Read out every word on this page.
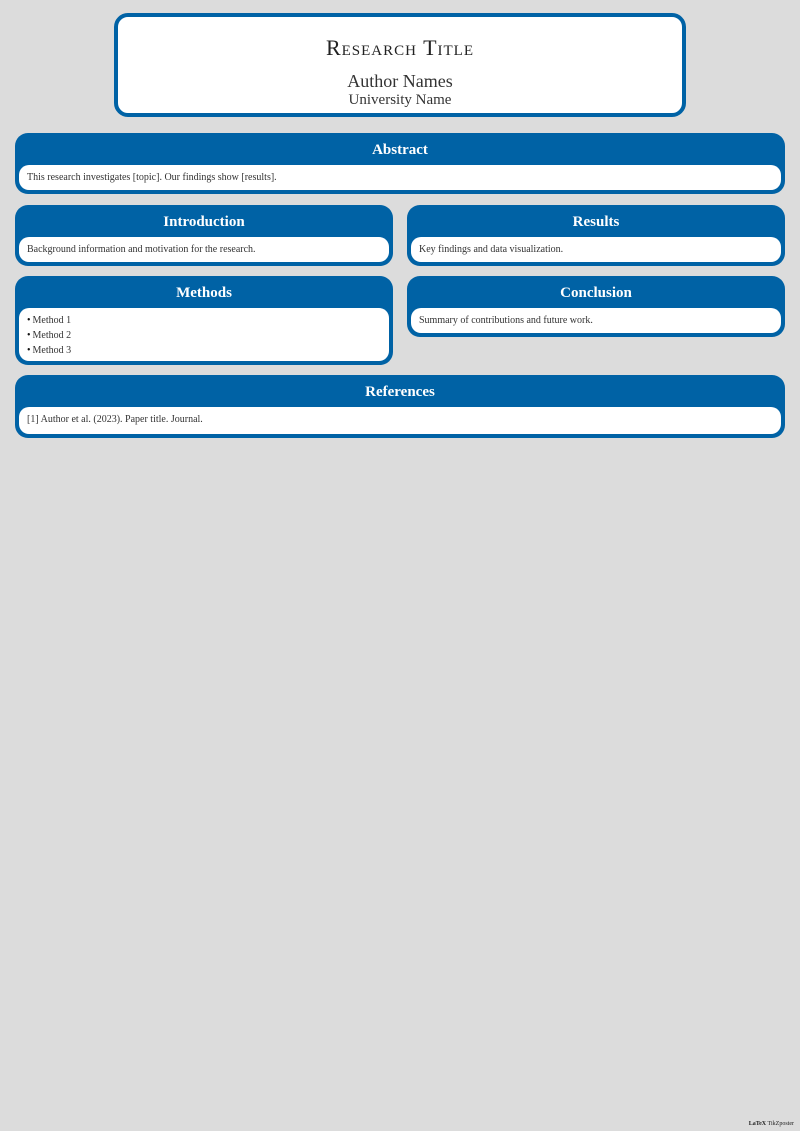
Research Title
Author Names
University Name
Abstract
This research investigates [topic]. Our findings show [results].
Introduction
Background information and motivation for the research.
Results
Key findings and data visualization.
Methods
• Method 1
• Method 2
• Method 3
Conclusion
Summary of contributions and future work.
References
[1] Author et al. (2023). Paper title. Journal.
LaTeX TikZposter
